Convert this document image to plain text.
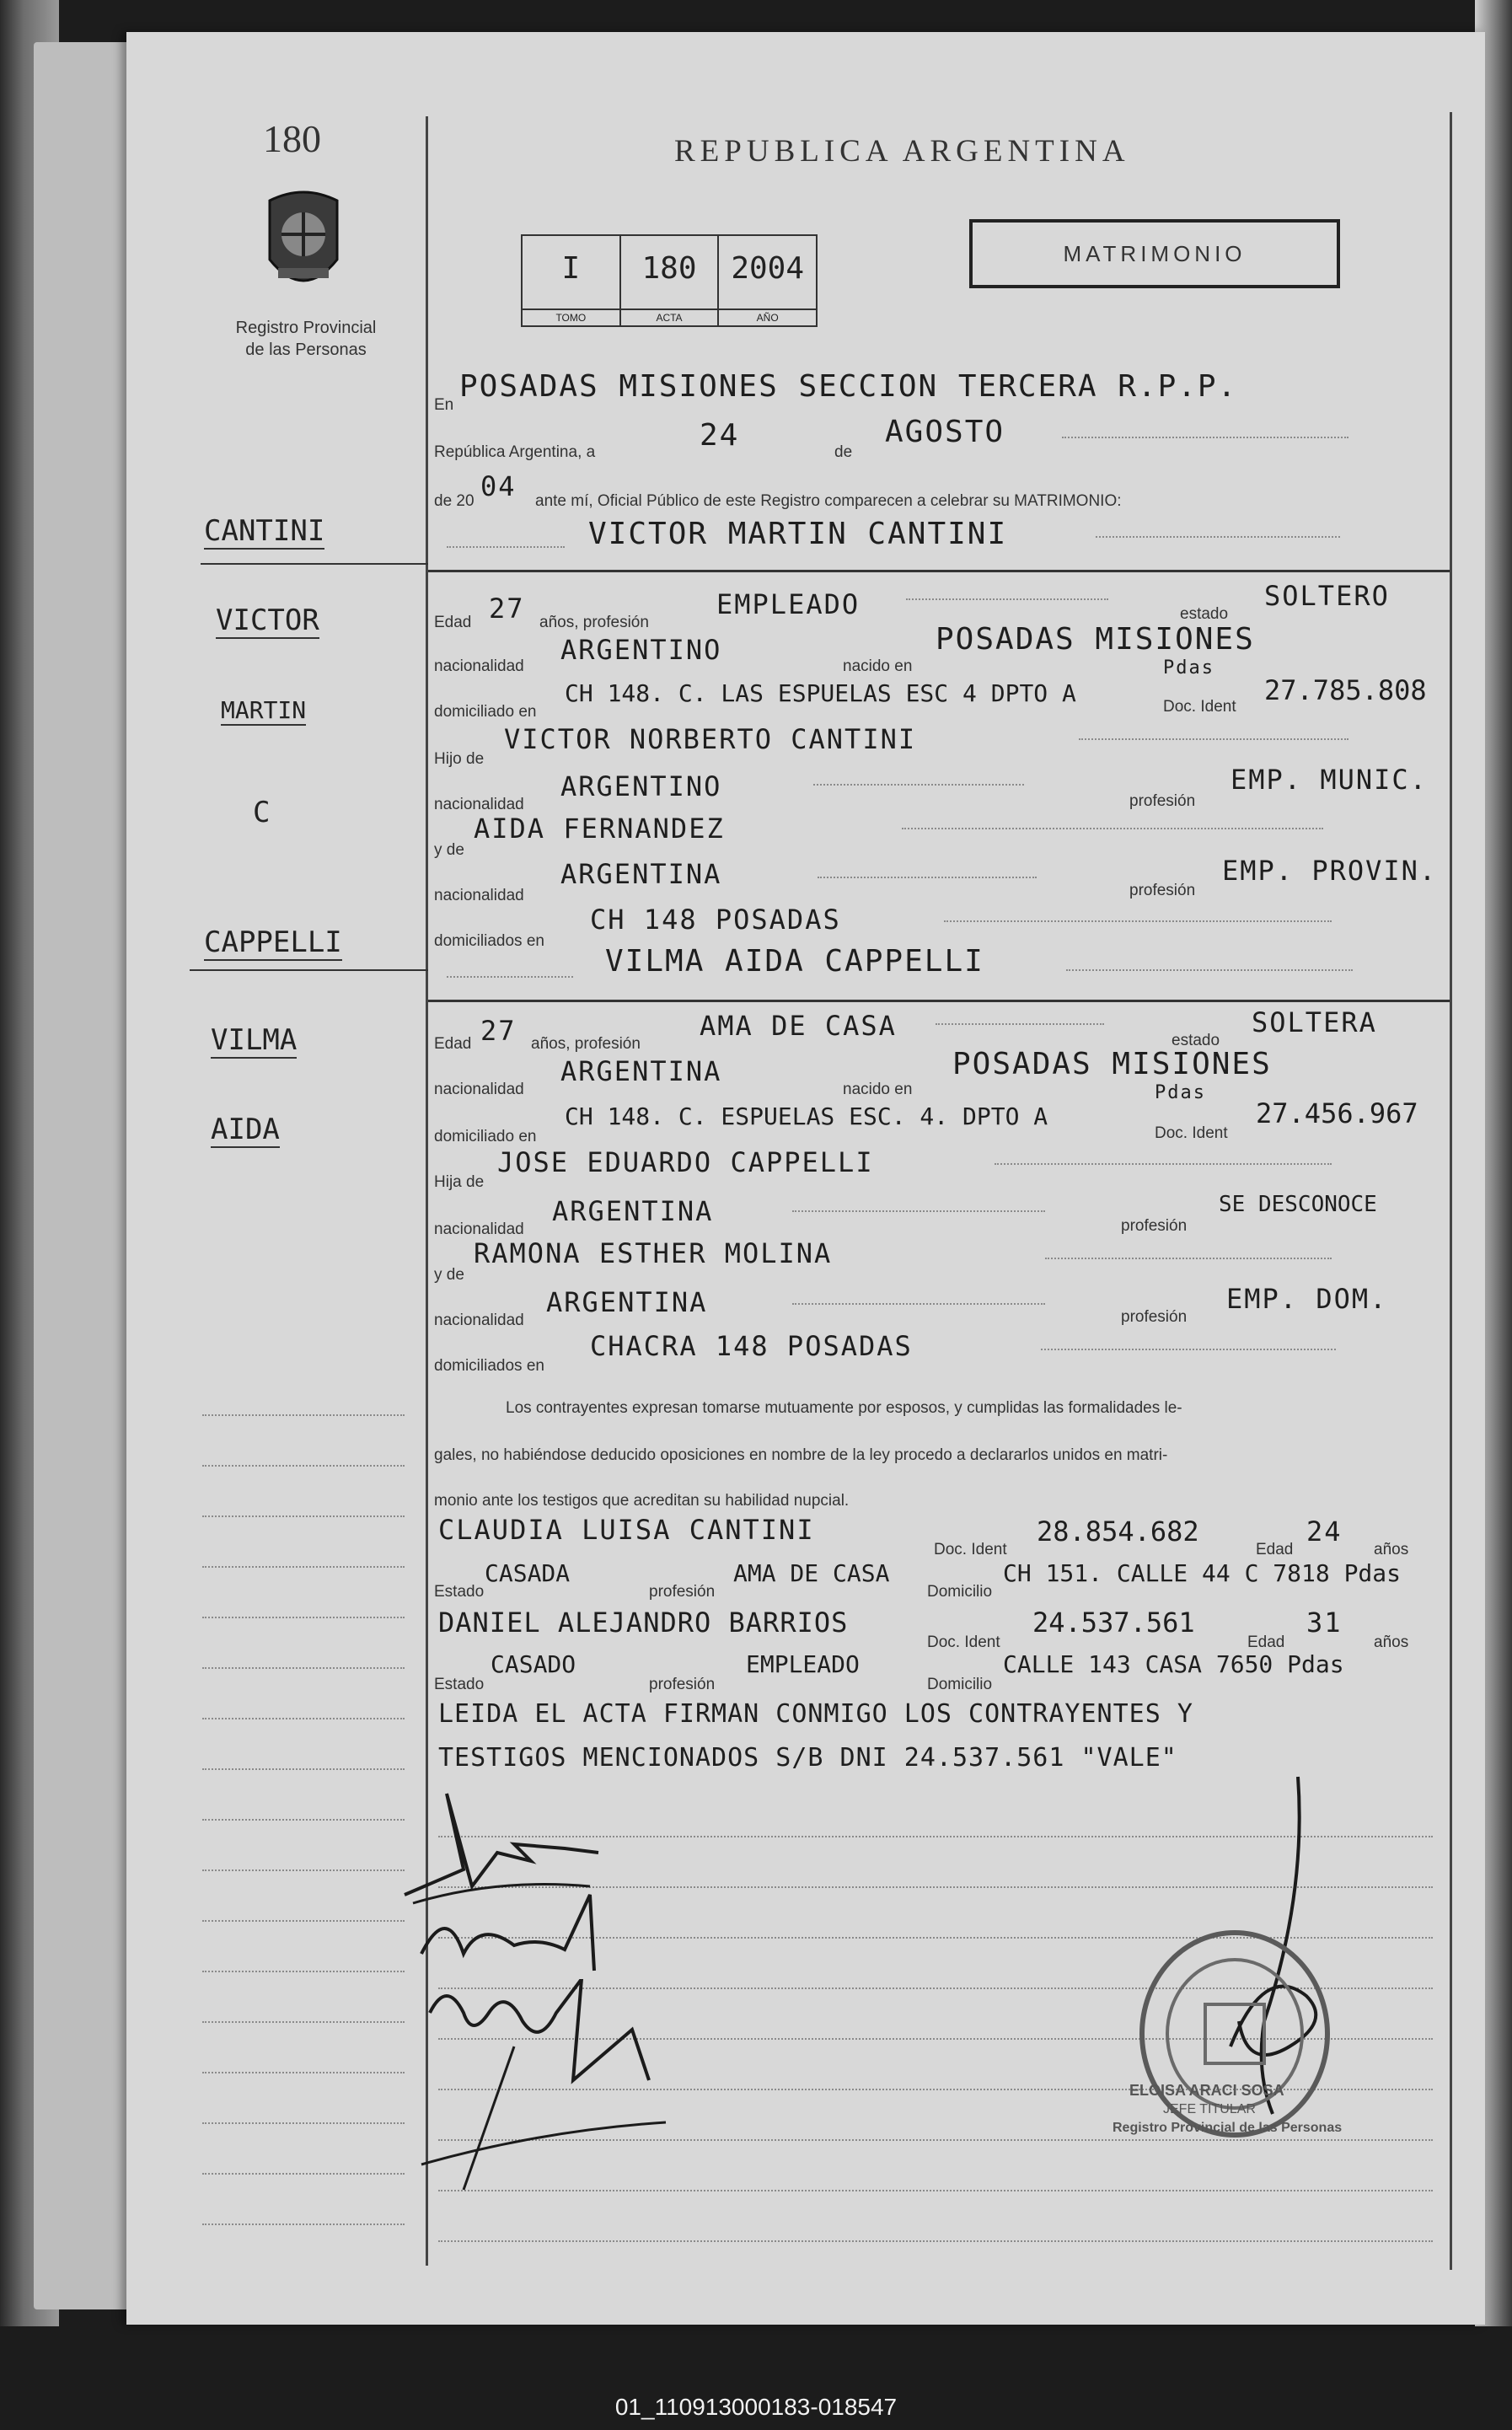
180
Registro Provincial
de las Personas
REPUBLICA ARGENTINA
I
TOMO
180
ACTA
2004
AÑO
MATRIMONIO
En
POSADAS MISIONES SECCION TERCERA R.P.P.
República Argentina, a	24	de
AGOSTO
de 20 04 ante mí, Oficial Público de este Registro comparecen a celebrar su MATRIMONIO:
VICTOR MARTIN CANTINI
Edad 27 años, profesión
EMPLEADO	estado
SOLTERO
nacionalidad
ARGENTINO
nacido en
POSADAS MISIONES
domiciliado en
CH 148. C. LAS ESPUELAS ESC 4 DPTO A
Pdas
Doc. Ident
27.785.808
Hijo de
VICTOR NORBERTO CANTINI
nacionalidad
ARGENTINO	profesión
EMP. MUNIC.
y de
AIDA FERNANDEZ
nacionalidad
ARGENTINA
profesión
EMP. PROVIN.
domiciliados en
CH 148 POSADAS
VILMA AIDA CAPPELLI
Edad 27 años, profesión
AMA DE CASA	estado
SOLTERA
nacionalidad
ARGENTINA
nacido en
POSADAS MISIONES
domiciliado en
CH 148. C. ESPUELAS ESC. 4. DPTO A
Pdas
Doc. Ident
27.456.967
Hija de
JOSE EDUARDO CAPPELLI
nacionalidad
ARGENTINA	profesión
SE DESCONOCE
y de
RAMONA ESTHER MOLINA
nacionalidad
ARGENTINA	profesión
EMP. DOM.
domiciliados en
CHACRA 148 POSADAS
Los contrayentes expresan tomarse mutuamente por esposos, y cumplidas las formalidades le-
gales, no habiéndose deducido oposiciones en nombre de la ley procedo a declararlos unidos en matri-
monio ante los testigos que acreditan su habilidad nupcial.
CLAUDIA LUISA CANTINI
Doc. Ident
28.854.682
Edad
24
años
Estado
CASADA
profesión
AMA DE CASA
Domicilio
CH 151. CALLE 44 C 7818 Pdas
DANIEL ALEJANDRO BARRIOS
Doc. Ident
24.537.561
Edad
31
años
Estado
CASADO
profesión
EMPLEADO
Domicilio
CALLE 143 CASA 7650 Pdas
LEIDA EL ACTA FIRMAN CONMIGO LOS CONTRAYENTES Y
TESTIGOS MENCIONADOS S/B DNI 24.537.561 "VALE"
CANTINI
VICTOR
MARTIN
C
CAPPELLI
VILMA
AIDA
ELOISA ARACI SOSA
JEFE TITULAR
Registro Provincial de las Personas
01_110913000183-018547
